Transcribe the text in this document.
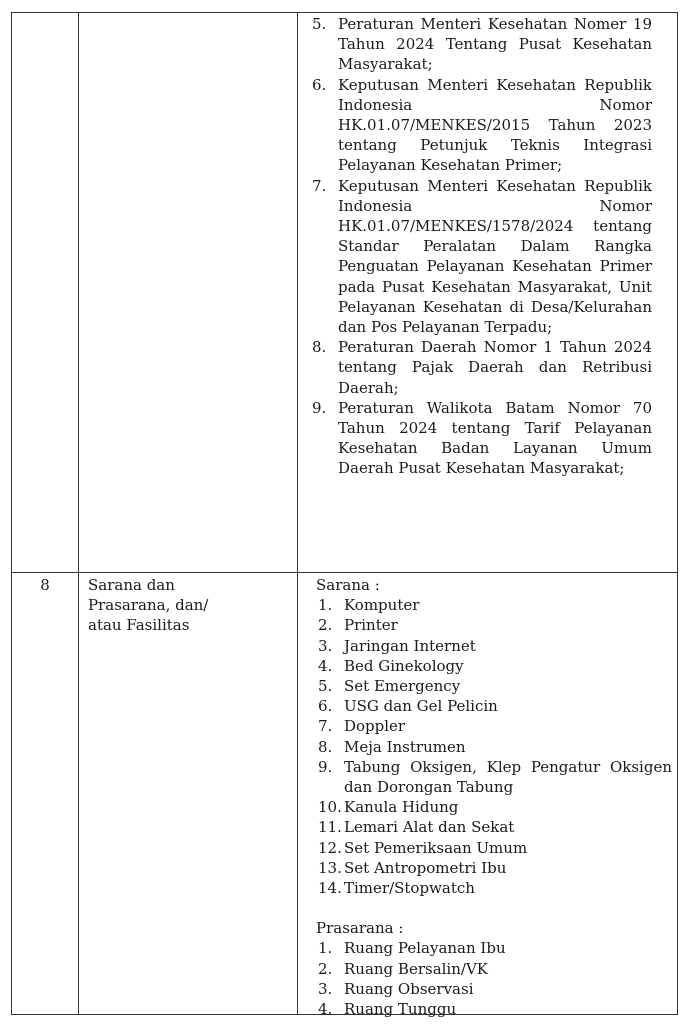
5. Peraturan Menteri Kesehatan Nomer 19 Tahun 2024 Tentang Pusat Kesehatan Masyarakat;
6. Keputusan Menteri Kesehatan Republik Indonesia Nomor HK.01.07/MENKES/2015 Tahun 2023 tentang Petunjuk Teknis Integrasi Pelayanan Kesehatan Primer;
7. Keputusan Menteri Kesehatan Republik Indonesia Nomor HK.01.07/MENKES/1578/2024 tentang Standar Peralatan Dalam Rangka Penguatan Pelayanan Kesehatan Primer pada Pusat Kesehatan Masyarakat, Unit Pelayanan Kesehatan di Desa/Kelurahan dan Pos Pelayanan Terpadu;
8. Peraturan Daerah Nomor 1 Tahun 2024 tentang Pajak Daerah dan Retribusi Daerah;
9. Peraturan Walikota Batam Nomor 70 Tahun 2024 tentang Tarif Pelayanan Kesehatan Badan Layanan Umum Daerah Pusat Kesehatan Masyarakat;
8	Sarana dan
Prasarana, dan/
atau Fasilitas
Sarana :
1. Komputer
2. Printer
3. Jaringan Internet
4. Bed Ginekology
5. Set Emergency
6. USG dan Gel Pelicin
7. Doppler
8. Meja Instrumen
9. Tabung Oksigen, Klep Pengatur Oksigen dan Dorongan Tabung
10. Kanula Hidung
11. Lemari Alat dan Sekat
12. Set Pemeriksaan Umum
13. Set Antropometri Ibu
14. Timer/Stopwatch
Prasarana :
1. Ruang Pelayanan Ibu
2. Ruang Bersalin/VK
3. Ruang Observasi
4. Ruang Tunggu
